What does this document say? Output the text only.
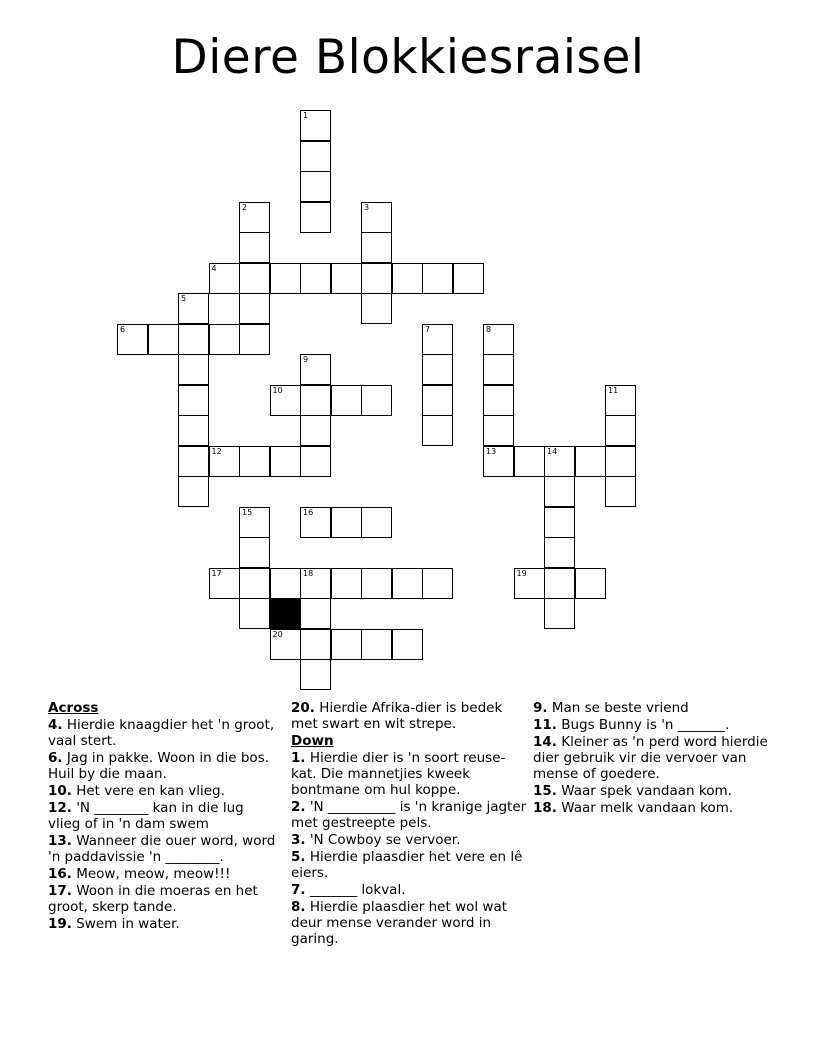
Diere Blokkiesraisel
1
2	3
4
5
6	7	8
13
9
10	11
12	14
15	16
17	18	19
20
Across
4. Hierdie knaagdier het 'n groot, vaal stert.
6. Jag in pakke. Woon in die bos. Huil by die maan.
10. Het vere en kan vlieg.
12. 'N ________ kan in die lug vlieg of in 'n dam swem
13. Wanneer die ouer word, word 'n paddavissie 'n ________.
16. Meow, meow, meow!!!
17. Woon in die moeras en het groot, skerp tande.
19. Swem in water.
20. Hierdie Afrika-dier is bedek met swart en wit strepe.
Down
1. Hierdie dier is 'n soort reuse-kat. Die mannetjies kweek bontmane om hul koppe.
2. 'N __________ is 'n kranige jagter met gestreepte pels.
3. 'N Cowboy se vervoer.
5. Hierdie plaasdier het vere en lê eiers.
7. _______ lokval.
8. Hierdie plaasdier het wol wat deur mense verander word in garing.
9. Man se beste vriend
11. Bugs Bunny is 'n _______.
14. Kleiner as 'n perd word hierdie dier gebruik vir die vervoer van mense of goedere.
15. Waar spek vandaan kom.
18. Waar melk vandaan kom.
